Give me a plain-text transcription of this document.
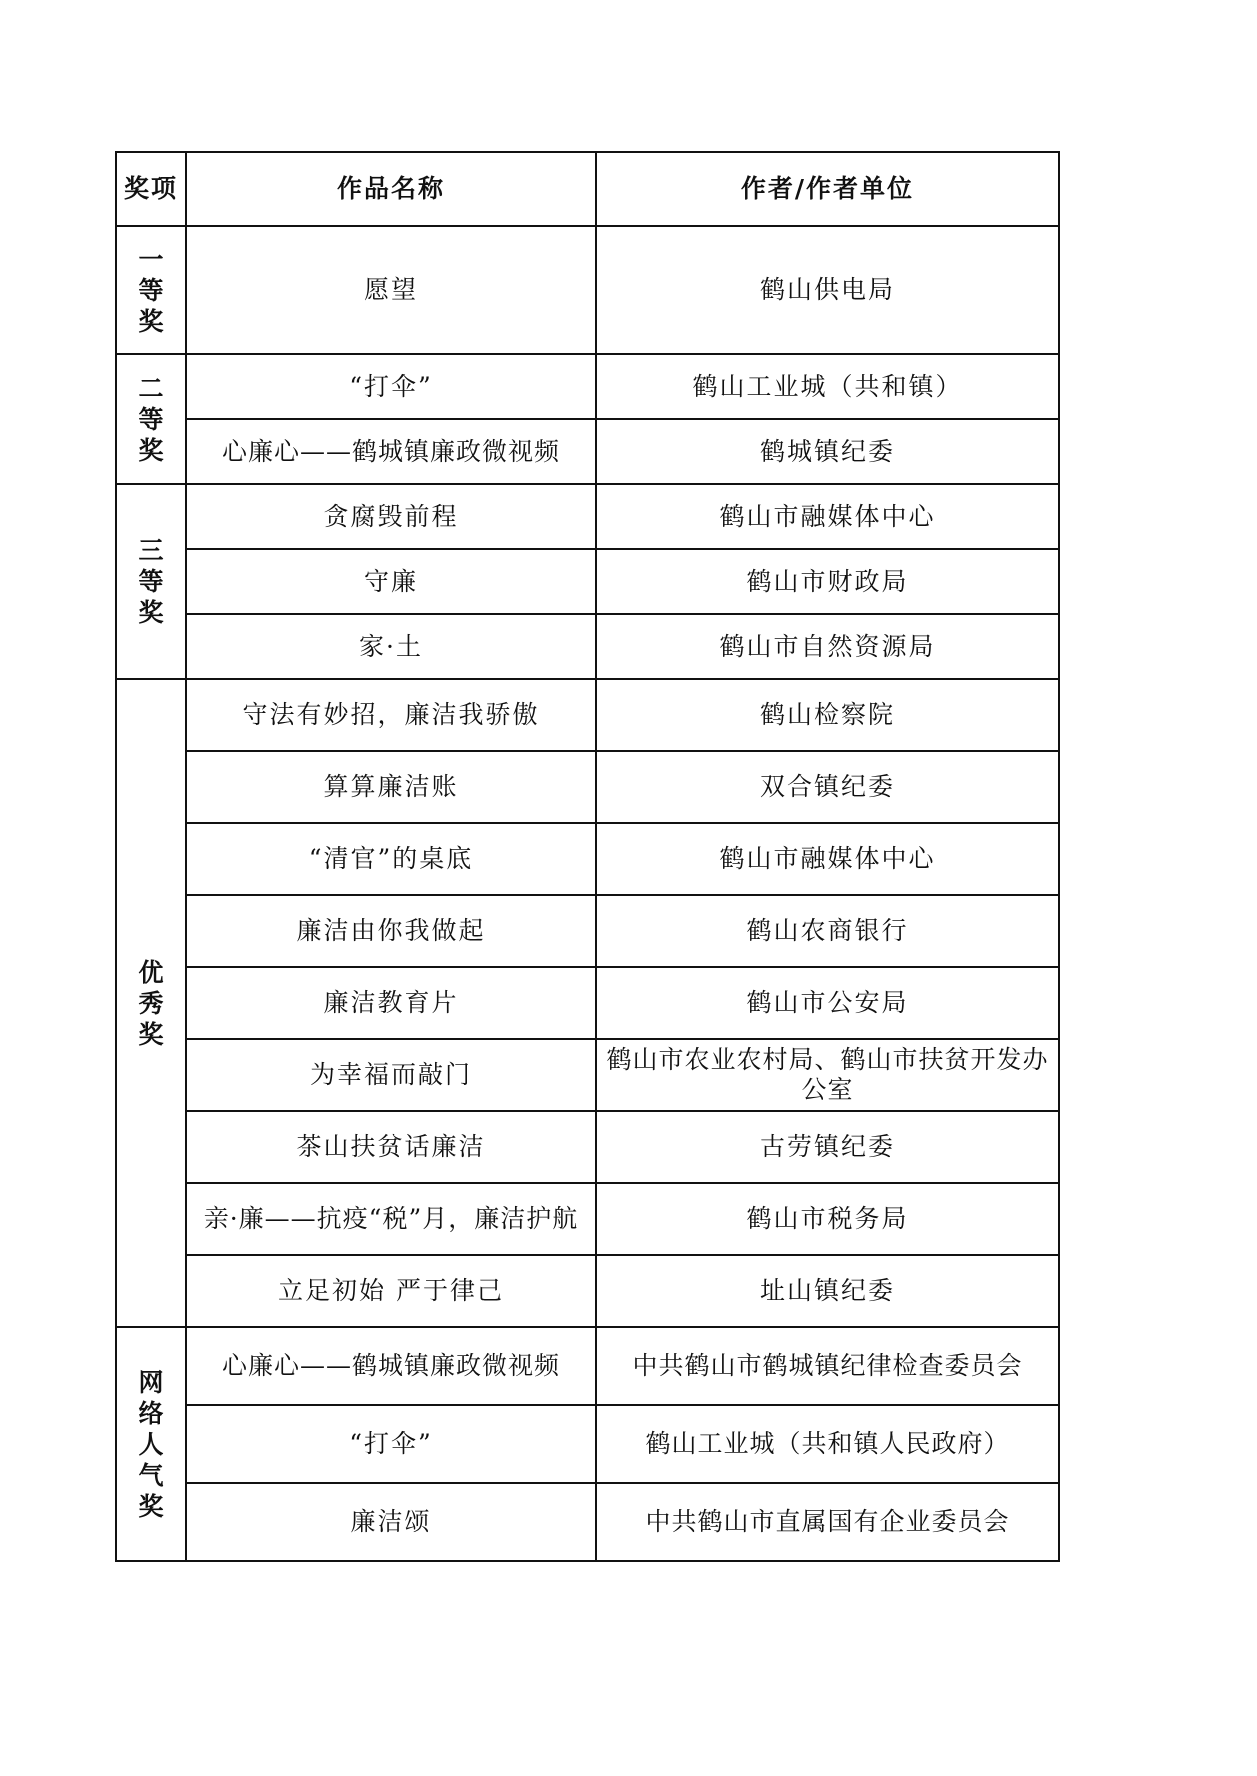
奖项	作品名称	作者/作者单位
一等奖	愿望	鹤山供电局
二等奖	“打伞”	鹤山工业城（共和镇）
	心廉心——鹤城镇廉政微视频	鹤城镇纪委
三等奖	贪腐毁前程	鹤山市融媒体中心
	守廉	鹤山市财政局
	家·土	鹤山市自然资源局
优秀奖	守法有妙招，廉洁我骄傲	鹤山检察院
	算算廉洁账	双合镇纪委
	“清官”的桌底	鹤山市融媒体中心
	廉洁由你我做起	鹤山农商银行
	廉洁教育片	鹤山市公安局
	为幸福而敲门	鹤山市农业农村局、鹤山市扶贫开发办公室
	茶山扶贫话廉洁	古劳镇纪委
	亲·廉——抗疫“税”月，廉洁护航	鹤山市税务局
	立足初始 严于律己	址山镇纪委
网络人气奖	心廉心——鹤城镇廉政微视频	中共鹤山市鹤城镇纪律检查委员会
	“打伞”	鹤山工业城（共和镇人民政府）
	廉洁颂	中共鹤山市直属国有企业委员会
